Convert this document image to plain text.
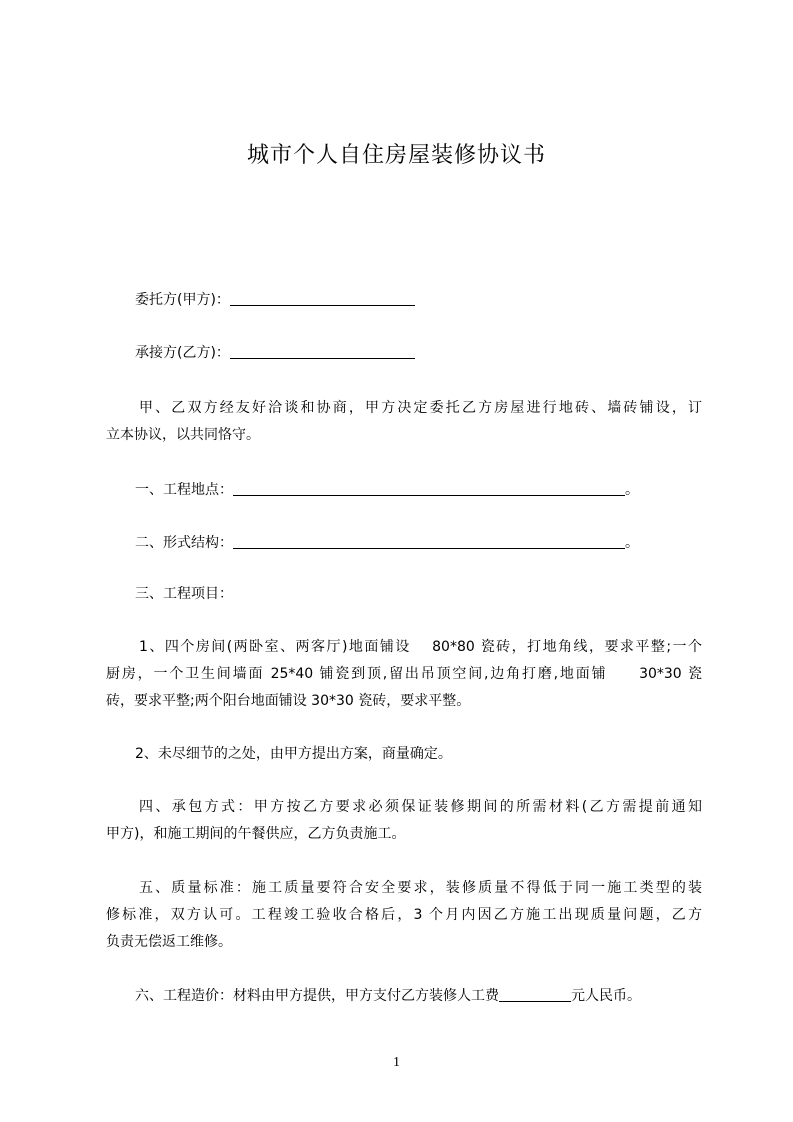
城市个人自住房屋装修协议书
委托方(甲方)：
承接方(乙方)：
甲、乙双方经友好洽谈和协商，甲方决定委托乙方房屋进行地砖、墙砖铺设，订
立本协议，以共同恪守。
一、工程地点：	。
二、形式结构：	。
三、工程项目：
1、四个房间(两卧室、两客厅)地面铺设　 80*80 瓷砖，打地角线，要求平整;一个
厨房，一个卫生间墙面 25*40 铺瓷到顶,留出吊顶空间,边角打磨,地面铺　　30*30 瓷
砖，要求平整;两个阳台地面铺设 30*30 瓷砖，要求平整。
2、未尽细节的之处，由甲方提出方案，商量确定。
四、承包方式：甲方按乙方要求必须保证装修期间的所需材料(乙方需提前通知
甲方)，和施工期间的午餐供应，乙方负责施工。
五、质量标准：施工质量要符合安全要求，装修质量不得低于同一施工类型的装
修标准，双方认可。工程竣工验收合格后，3 个月内因乙方施工出现质量问题，乙方
负责无偿返工维修。
六、工程造价：材料由甲方提供，甲方支付乙方装修人工费	元人民币。
1
